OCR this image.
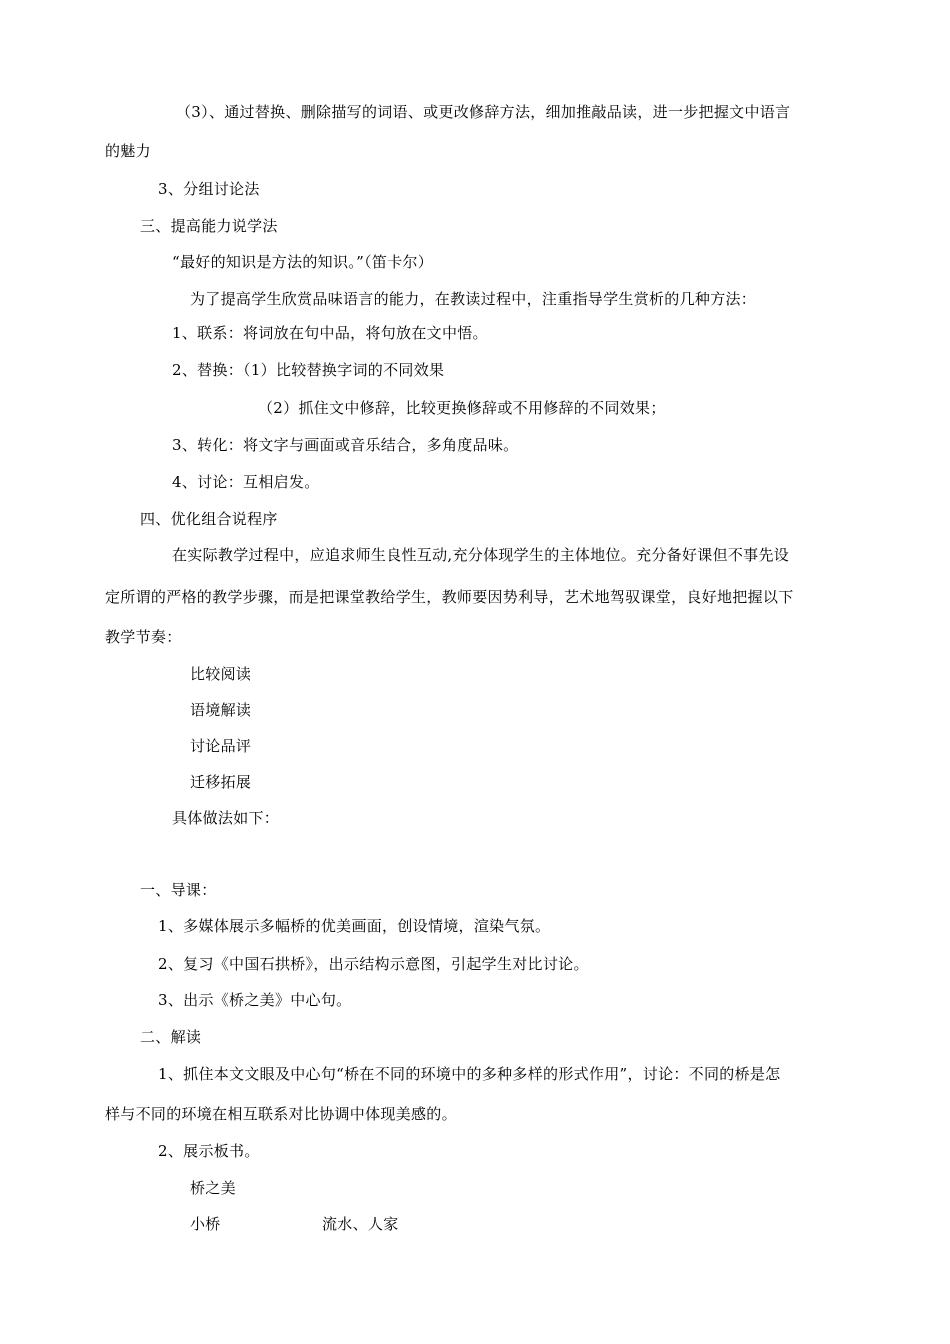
（3）、通过替换、删除描写的词语、或更改修辞方法，细加推敲品读，进一步把握文中语言
的魅力
3、分组讨论法
三、提高能力说学法
“最好的知识是方法的知识。”（笛卡尔）
为了提高学生欣赏品味语言的能力，在教读过程中，注重指导学生赏析的几种方法：
1、联系：将词放在句中品，将句放在文中悟。
2、替换：（1）比较替换字词的不同效果
（2）抓住文中修辞，比较更换修辞或不用修辞的不同效果；
3、转化：将文字与画面或音乐结合，多角度品味。
4、讨论：互相启发。
四、优化组合说程序
在实际教学过程中，应追求师生良性互动,充分体现学生的主体地位。充分备好课但不事先设
定所谓的严格的教学步骤，而是把课堂教给学生，教师要因势利导，艺术地驾驭课堂，良好地把握以下
教学节奏：
比较阅读
语境解读
讨论品评
迁移拓展
具体做法如下：
一、导课：
1、多媒体展示多幅桥的优美画面，创设情境，渲染气氛。
2、复习《中国石拱桥》，出示结构示意图，引起学生对比讨论。
3、出示《桥之美》中心句。
二、解读
1、抓住本文文眼及中心句“桥在不同的环境中的多种多样的形式作用”，讨论：不同的桥是怎
样与不同的环境在相互联系对比协调中体现美感的。
2、展示板书。
桥之美
小桥	流水、人家
